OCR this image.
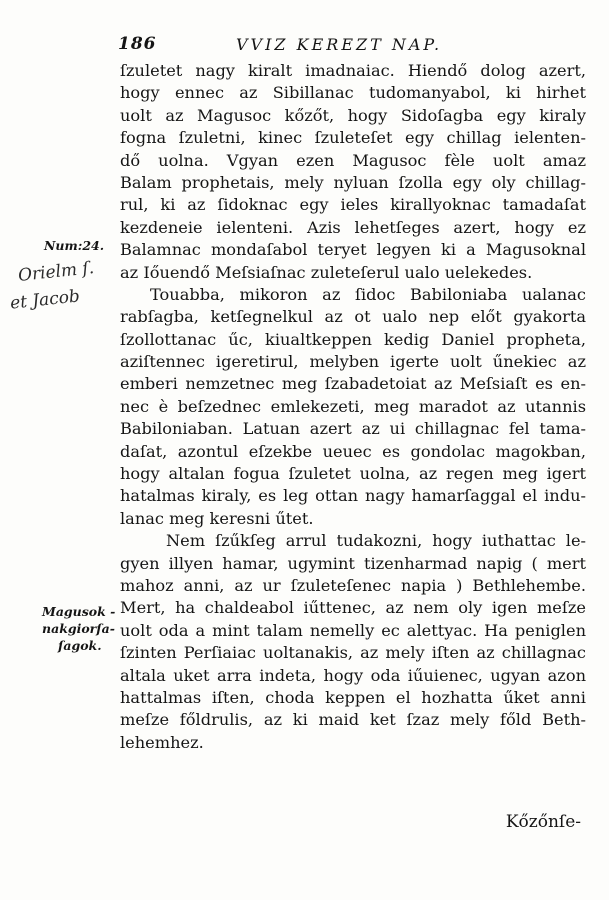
186	VVIZ KEREZT NAP.
Num:24.
Orielm ſ.
et Jacob
Magusok -
nakgiorſa-
ſagok.
ſzuletet nagy kiralt imadnaiac. Hiendő dolog azert,
hogy ennec az Sibillanac tudomanyabol, ki hirhet
uolt az Magusoc kőzőt, hogy Sidoſagba egy kiraly
fogna ſzuletni, kinec ſzuleteſet egy chillag ielenten-
dő uolna. Vgyan ezen Magusoc fèle uolt amaz
Balam prophetais, mely nyluan ſzolla egy oly chillag-
rul, ki az ſidoknac egy ieles kirallyoknac tamadaſat
kezdeneie ielenteni. Azis lehetſeges azert, hogy ez
Balamnac mondaſabol teryet legyen ki a Magusoknal
az Iőuendő Meſsiaſnac zuleteſerul ualo uelekedes.
Touabba, mikoron az ſidoc Babiloniaba ualanac
rabſagba, ketſegnelkul az ot ualo nep előt gyakorta
ſzollottanac űc, kiualtkeppen kedig Daniel propheta,
aziſtennec igeretirul, melyben igerte uolt űnekiec az
emberi nemzetnec meg ſzabadetoiat az Meſsiaſt es en-
nec è beſzednec emlekezeti, meg maradot az utannis
Babiloniaban. Latuan azert az ui chillagnac fel tama-
daſat, azontul eſzekbe ueuec es gondolac magokban,
hogy altalan fogua ſzuletet uolna, az regen meg igert
hatalmas kiraly, es leg ottan nagy hamarſaggal el indu-
lanac meg keresni űtet.
Nem ſzűkſeg arrul tudakozni, hogy iuthattac le-
gyen illyen hamar, ugymint tizenharmad napig ( mert
mahoz anni, az ur ſzuleteſenec napia ) Bethlehembe.
Mert, ha chaldeabol iűttenec, az nem oly igen meſze
uolt oda a mint talam nemelly ec alettyac. Ha peniglen
ſzinten Perſiaiac uoltanakis, az mely iſten az chillagnac
altala uket arra indeta, hogy oda iűuienec, ugyan azon
hattalmas iſten, choda keppen el hozhatta űket anni
meſze főldrulis, az ki maid ket ſzaz mely főld Beth-
lehemhez.
Kőzőnſe-
